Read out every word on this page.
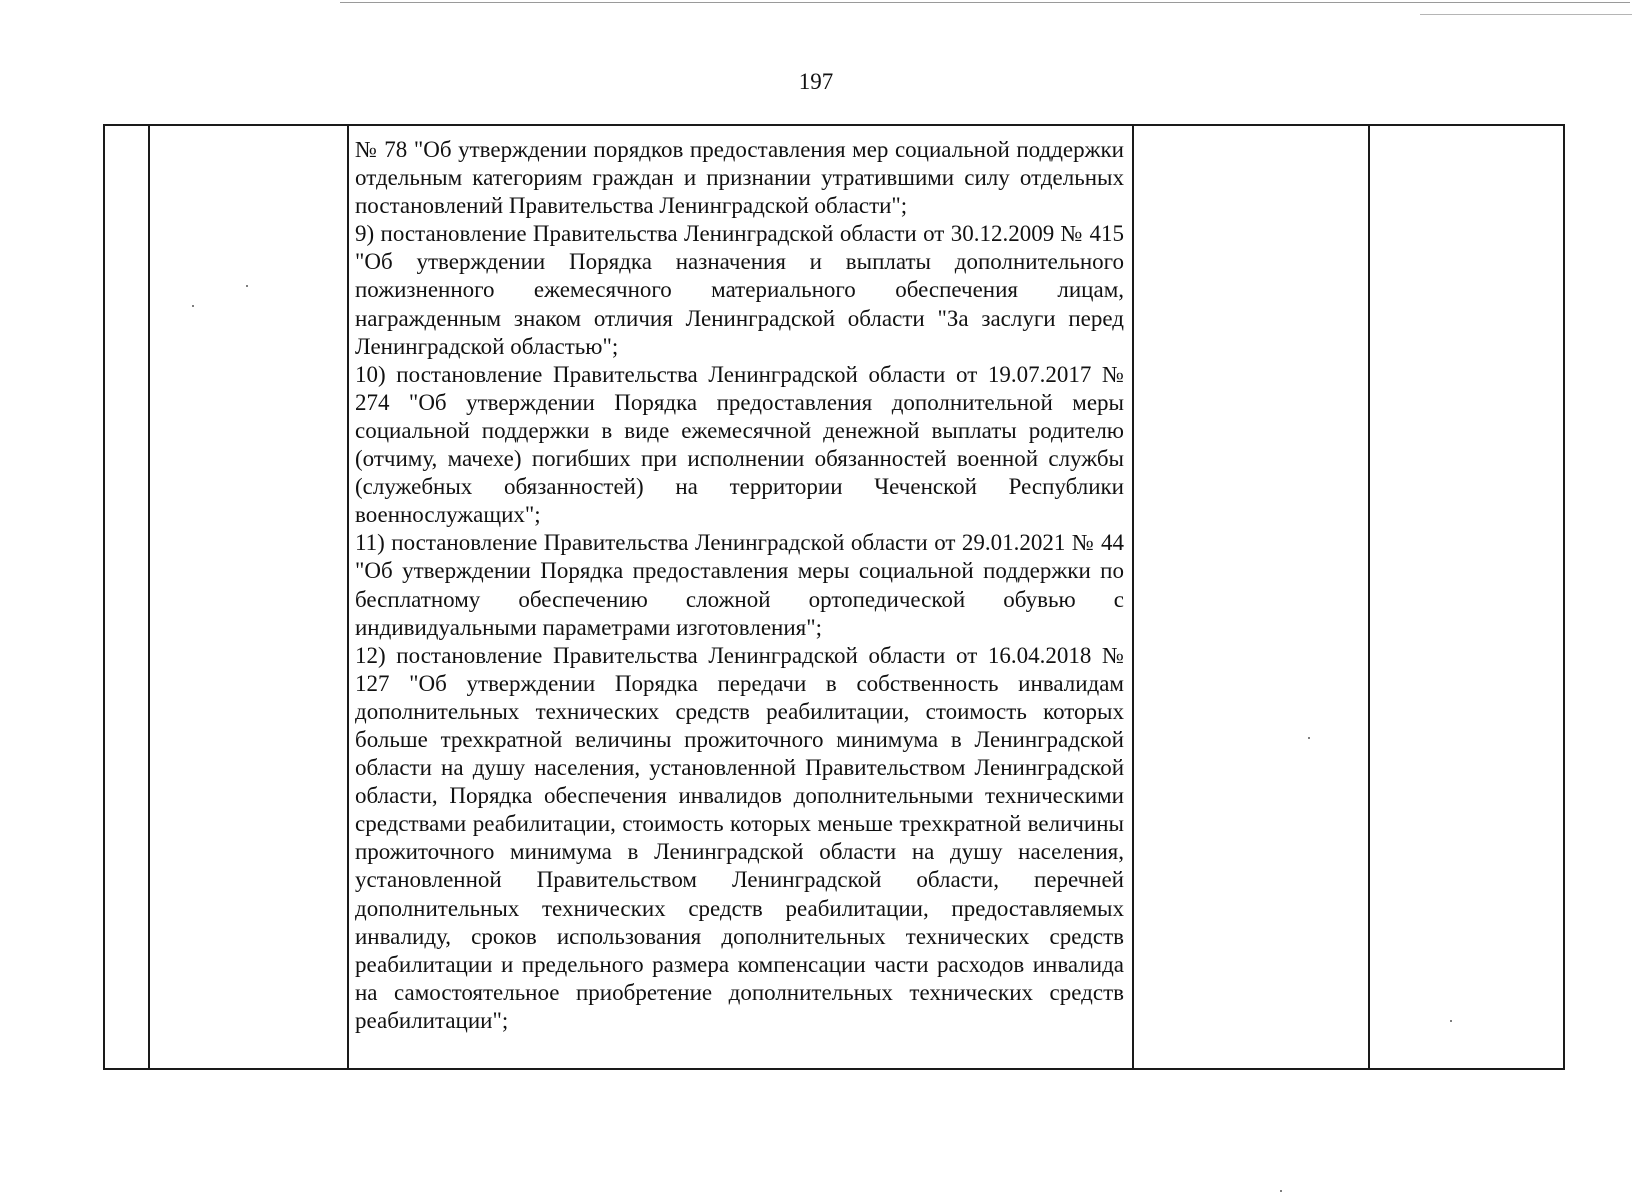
197

№ 78 "Об утверждении порядков предоставления мер социальной поддержки отдельным категориям граждан и признании утратившими силу отдельных постановлений Правительства Ленинградской области";

9) постановление Правительства Ленинградской области от 30.12.2009 № 415 "Об утверждении Порядка назначения и выплаты дополнительного пожизненного ежемесячного материального обеспечения лицам, награжденным знаком отличия Ленинградской области "За заслуги перед Ленинградской областью";

10) постановление Правительства Ленинградской области от 19.07.2017 № 274 "Об утверждении Порядка предоставления дополнительной меры социальной поддержки в виде ежемесячной денежной выплаты родителю (отчиму, мачехе) погибших при исполнении обязанностей военной службы (служебных обязанностей) на территории Чеченской Республики военнослужащих";

11) постановление Правительства Ленинградской области от 29.01.2021 № 44 "Об утверждении Порядка предоставления меры социальной поддержки по бесплатному обеспечению сложной ортопедической обувью с индивидуальными параметрами изготовления";

12) постановление Правительства Ленинградской области от 16.04.2018 № 127 "Об утверждении Порядка передачи в собственность инвалидам дополнительных технических средств реабилитации, стоимость которых больше трехкратной величины прожиточного минимума в Ленинградской области на душу населения, установленной Правительством Ленинградской области, Порядка обеспечения инвалидов дополнительными техническими средствами реабилитации, стоимость которых меньше трехкратной величины прожиточного минимума в Ленинградской области на душу населения, установленной Правительством Ленинградской области, перечней дополнительных технических средств реабилитации, предоставляемых инвалиду, сроков использования дополнительных технических средств реабилитации и предельного размера компенсации части расходов инвалида на самостоятельное приобретение дополнительных технических средств реабилитации";
